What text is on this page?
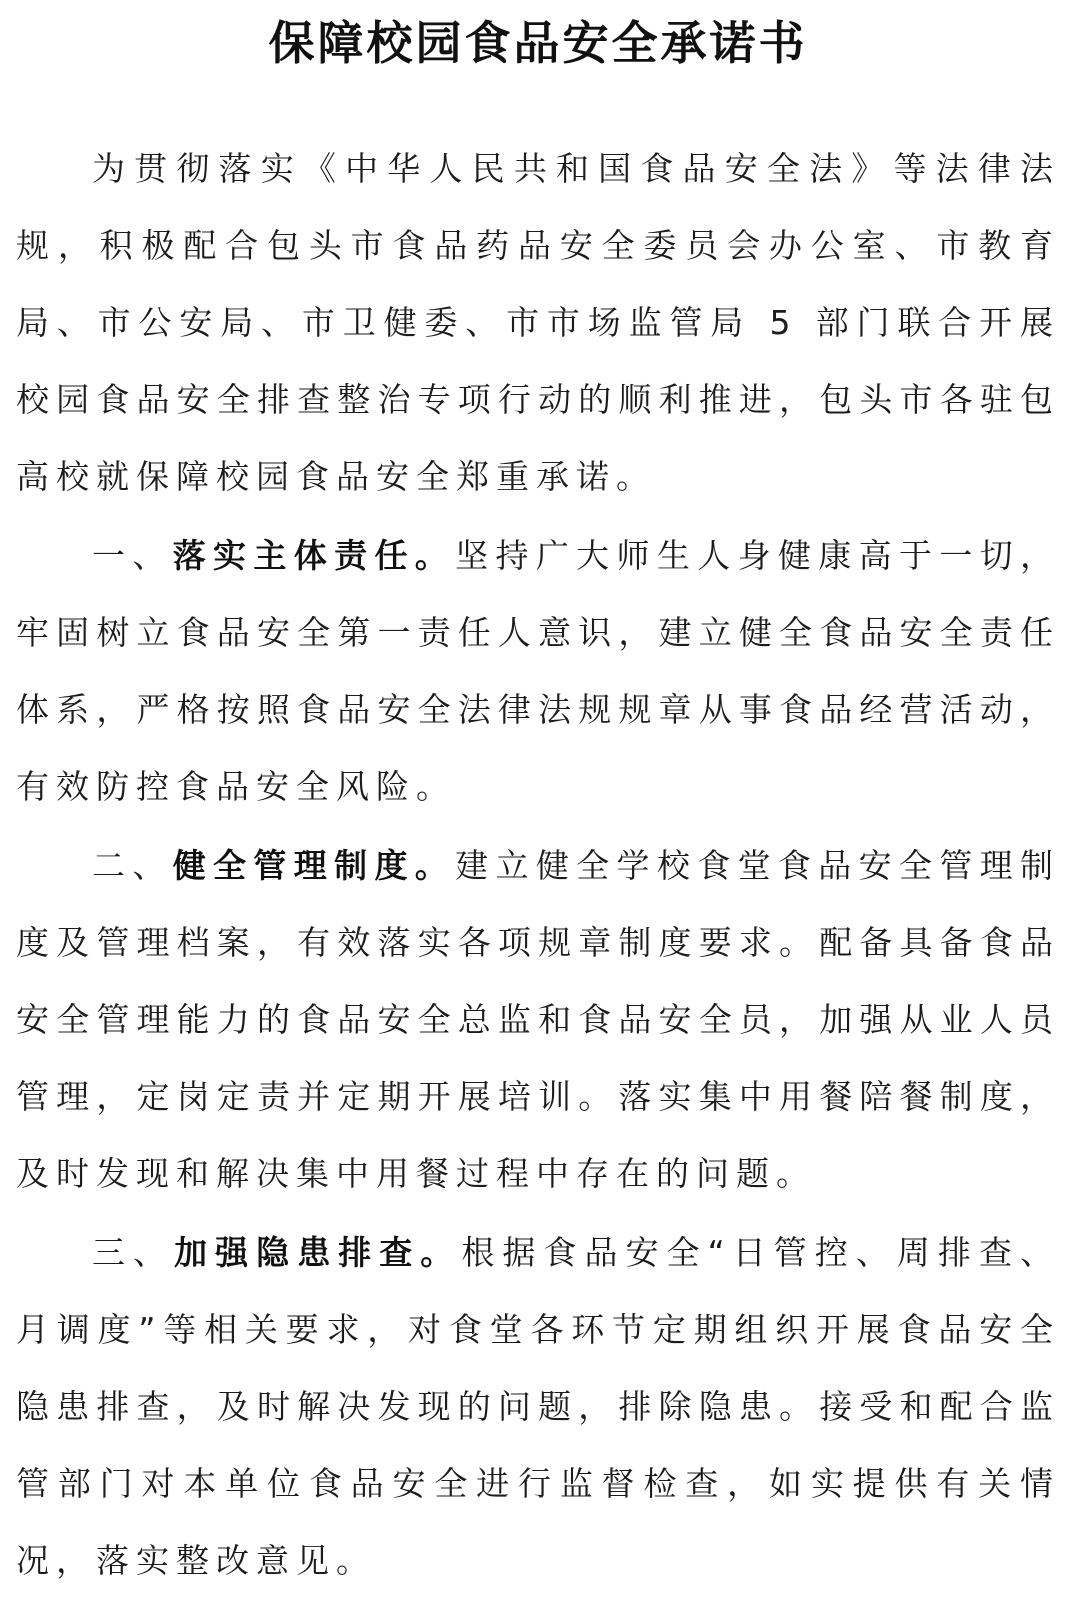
保障校园食品安全承诺书

为贯彻落实《中华人民共和国食品安全法》等法律法规，积极配合包头市食品药品安全委员会办公室、市教育局、市公安局、市卫健委、市市场监管局 5 部门联合开展校园食品安全排查整治专项行动的顺利推进，包头市各驻包高校就保障校园食品安全郑重承诺。

一、落实主体责任。坚持广大师生人身健康高于一切，牢固树立食品安全第一责任人意识，建立健全食品安全责任体系，严格按照食品安全法律法规规章从事食品经营活动，有效防控食品安全风险。

二、健全管理制度。建立健全学校食堂食品安全管理制度及管理档案，有效落实各项规章制度要求。配备具备食品安全管理能力的食品安全总监和食品安全员，加强从业人员管理，定岗定责并定期开展培训。落实集中用餐陪餐制度，及时发现和解决集中用餐过程中存在的问题。

三、加强隐患排查。根据食品安全“日管控、周排查、月调度”等相关要求，对食堂各环节定期组织开展食品安全隐患排查，及时解决发现的问题，排除隐患。接受和配合监管部门对本单位食品安全进行监督检查，如实提供有关情况，落实整改意见。
